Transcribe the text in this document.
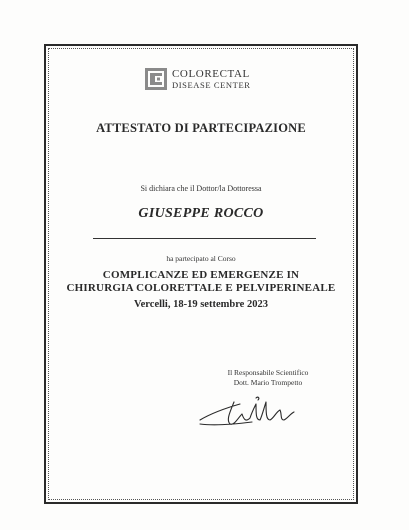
COLORECTAL
DISEASE CENTER
ATTESTATO DI PARTECIPAZIONE
Si dichiara che il Dottor/la Dottoressa
GIUSEPPE ROCCO
ha partecipato al Corso
COMPLICANZE ED EMERGENZE IN
CHIRURGIA COLORETTALE E PELVIPERINEALE
Vercelli, 18-19 settembre 2023
Il Responsabile Scientifico
Dott. Mario Trompetto
